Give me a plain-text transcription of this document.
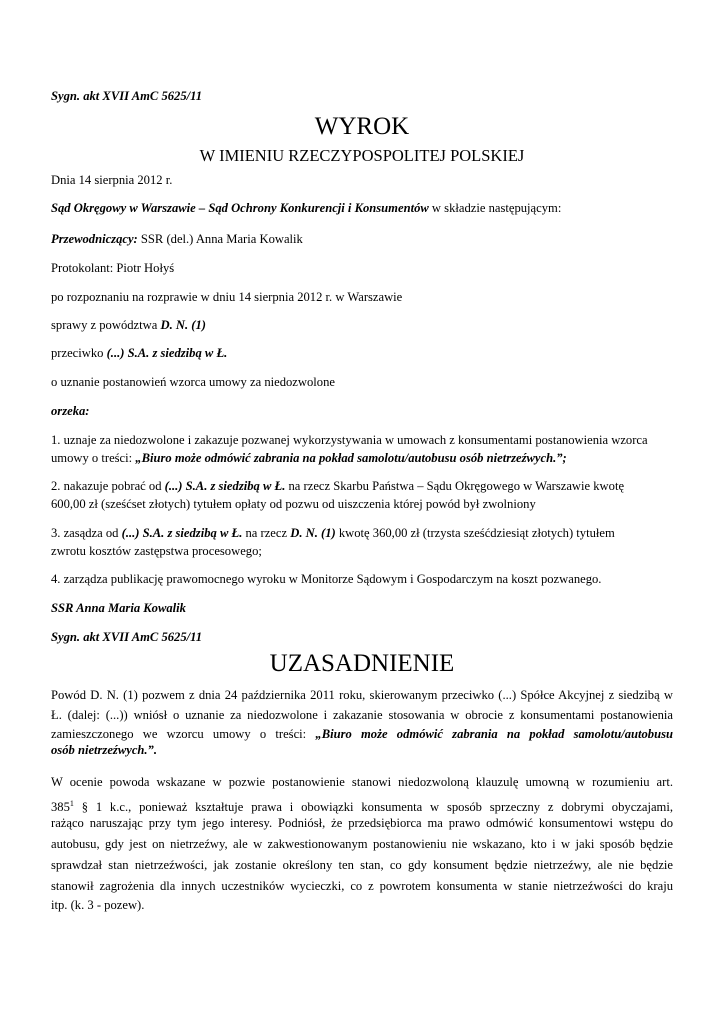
Sygn. akt XVII AmC 5625/11
WYROK
W IMIENIU RZECZYPOSPOLITEJ POLSKIEJ
Dnia 14 sierpnia 2012 r.
Sąd Okręgowy w Warszawie – Sąd Ochrony Konkurencji i Konsumentów w składzie następującym:
Przewodniczący: SSR (del.) Anna Maria Kowalik
Protokolant: Piotr Hołyś
po rozpoznaniu na rozprawie w dniu 14 sierpnia 2012 r. w Warszawie
sprawy z powództwa D. N. (1)
przeciwko (...) S.A. z siedzibą w Ł.
o uznanie postanowień wzorca umowy za niedozwolone
orzeka:
1. uznaje za niedozwolone i zakazuje pozwanej wykorzystywania w umowach z konsumentami postanowienia wzorca
umowy o treści: „Biuro może odmówić zabrania na pokład samolotu/autobusu osób nietrzeźwych.”;
2. nakazuje pobrać od (...) S.A. z siedzibą w Ł. na rzecz Skarbu Państwa – Sądu Okręgowego w Warszawie kwotę
600,00 zł (sześćset złotych) tytułem opłaty od pozwu od uiszczenia której powód był zwolniony
3. zasądza od (...) S.A. z siedzibą w Ł. na rzecz D. N. (1) kwotę 360,00 zł (trzysta sześćdziesiąt złotych) tytułem
zwrotu kosztów zastępstwa procesowego;
4. zarządza publikację prawomocnego wyroku w Monitorze Sądowym i Gospodarczym na koszt pozwanego.
SSR Anna Maria Kowalik
Sygn. akt XVII AmC 5625/11
UZASADNIENIE
Powód D. N. (1) pozwem z dnia 24 października 2011 roku, skierowanym przeciwko (...) Spółce Akcyjnej z siedzibą w
Ł. (dalej: (...)) wniósł o uznanie za niedozwolone i zakazanie stosowania w obrocie z konsumentami postanowienia
zamieszczonego we wzorcu umowy o treści: „Biuro może odmówić zabrania na pokład samolotu/autobusu
osób nietrzeźwych.”.
W ocenie powoda wskazane w pozwie postanowienie stanowi niedozwoloną klauzulę umowną w rozumieniu art.
$385^1$ § 1 k.c., ponieważ kształtuje prawa i obowiązki konsumenta w sposób sprzeczny z dobrymi obyczajami,
rażąco naruszając przy tym jego interesy. Podniósł, że przedsiębiorca ma prawo odmówić konsumentowi wstępu do
autobusu, gdy jest on nietrzeźwy, ale w zakwestionowanym postanowieniu nie wskazano, kto i w jaki sposób będzie
sprawdzał stan nietrzeźwości, jak zostanie określony ten stan, co gdy konsument będzie nietrzeźwy, ale nie będzie
stanowił zagrożenia dla innych uczestników wycieczki, co z powrotem konsumenta w stanie nietrzeźwości do kraju
itp. (k. 3 - pozew).
